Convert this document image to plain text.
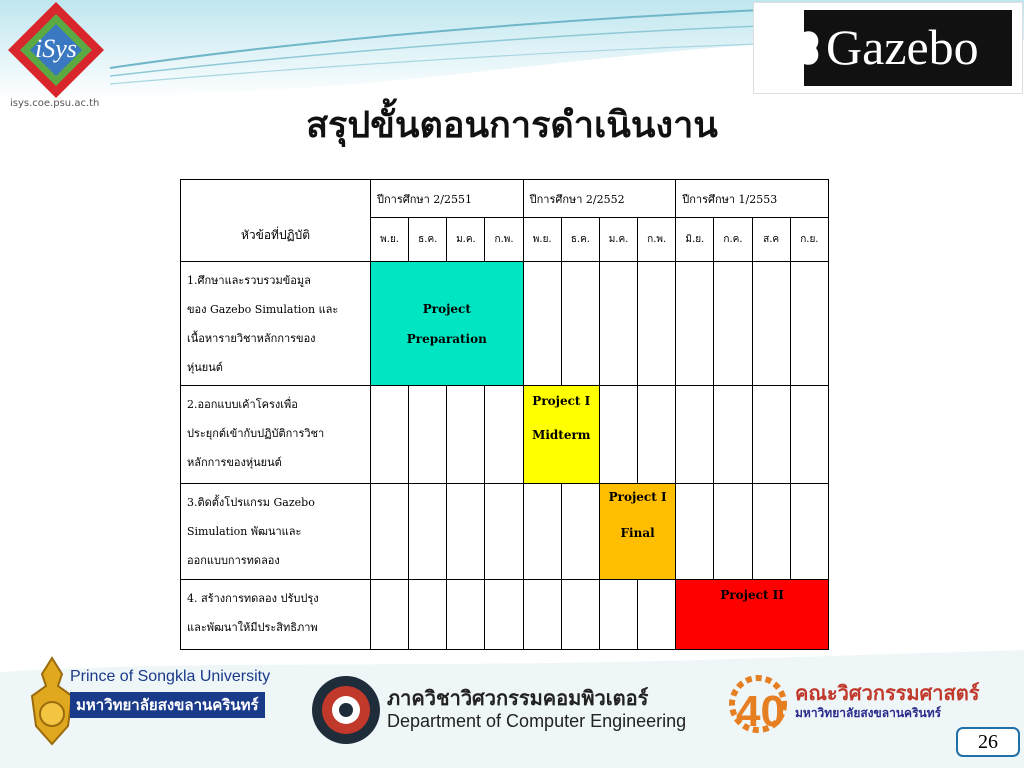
iSys
isys.coe.psu.ac.th
Gazebo
สรุปขั้นตอนการดำเนินงาน
หัวข้อที่ปฏิบัติ	ปีการศึกษา 2/2551				ปีการศึกษา 2/2552				ปีการศึกษา 1/2553			
	พ.ย.	ธ.ค.	ม.ค.	ก.พ.	พ.ย.	ธ.ค.	ม.ค.	ก.พ.	มิ.ย.	ก.ค.	ส.ค	ก.ย.

1.ศึกษาและรวบรวมข้อมูล
ของ Gazebo Simulation และ
เนื้อหารายวิชาหลักการของ
หุ่นยนต์	Project
Preparation											

2.ออกแบบเค้าโครงเพื่อ
ประยุกต์เข้ากับปฏิบัติการวิชา
หลักการของหุ่นยนต์					Project I
Midterm							

3.ติดตั้งโปรแกรม Gazebo
Simulation พัฒนาและ
ออกแบบการทดลอง							Project I
Final					

4. สร้างการทดลอง ปรับปรุง
และพัฒนาให้มีประสิทธิภาพ									Project II			
40
Prince of Songkla University
มหาวิทยาลัยสงขลานครินทร์	ภาควิชาวิศวกรรมคอมพิวเตอร์
Department of Computer Engineering
คณะวิศวกรรมศาสตร์
มหาวิทยาลัยสงขลานครินทร์
26
